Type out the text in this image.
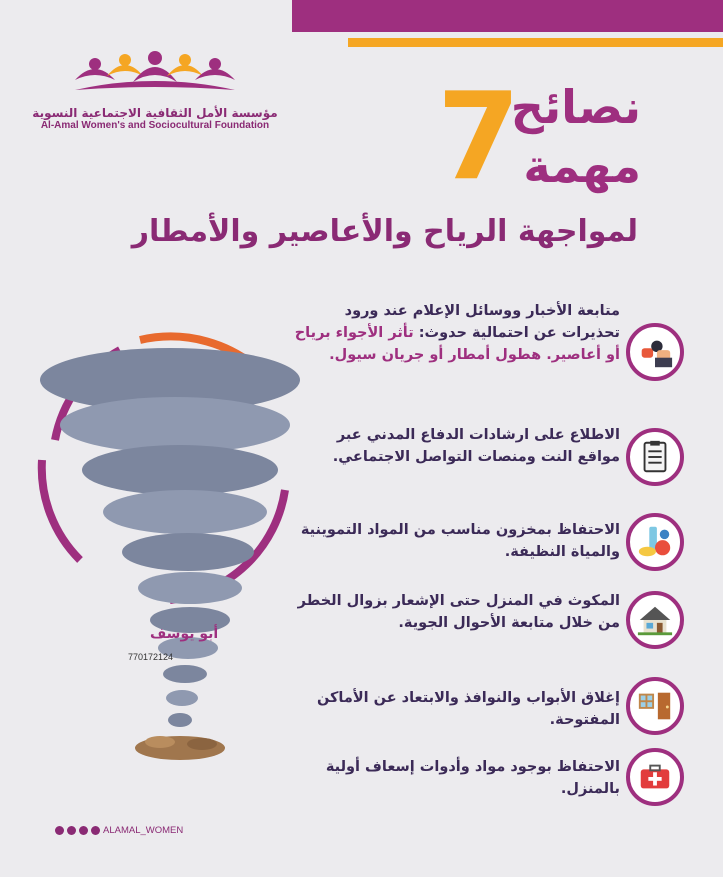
مؤسسة الأمل الثقافية الاجتماعية النسوية
Al-Amal Women's and Sociocultural Foundation 7
نصائح
مهمة
لمواجهة الرياح والأعاصير والأمطار
أبو يوسف
770172124
متابعة الأخبار ووسائل الإعلام عند ورود تحذيرات عن احتمالية حدوث: تأثر الأجواء برياح أو أعاصير. هطول أمطار أو جريان سيول.
الاطلاع على ارشادات الدفاع المدني عبر مواقع النت ومنصات التواصل الاجتماعي.
الاحتفاظ بمخزون مناسب من المواد التموينية والمياة النظيفة.
المكوث في المنزل حتى الإشعار بزوال الخطر من خلال متابعة الأحوال الجوية.
إغلاق الأبواب والنوافذ والابتعاد عن الأماكن المفتوحة.
الاحتفاظ بوجود مواد وأدوات إسعاف أولية بالمنزل.
ALAMAL_WOMEN
